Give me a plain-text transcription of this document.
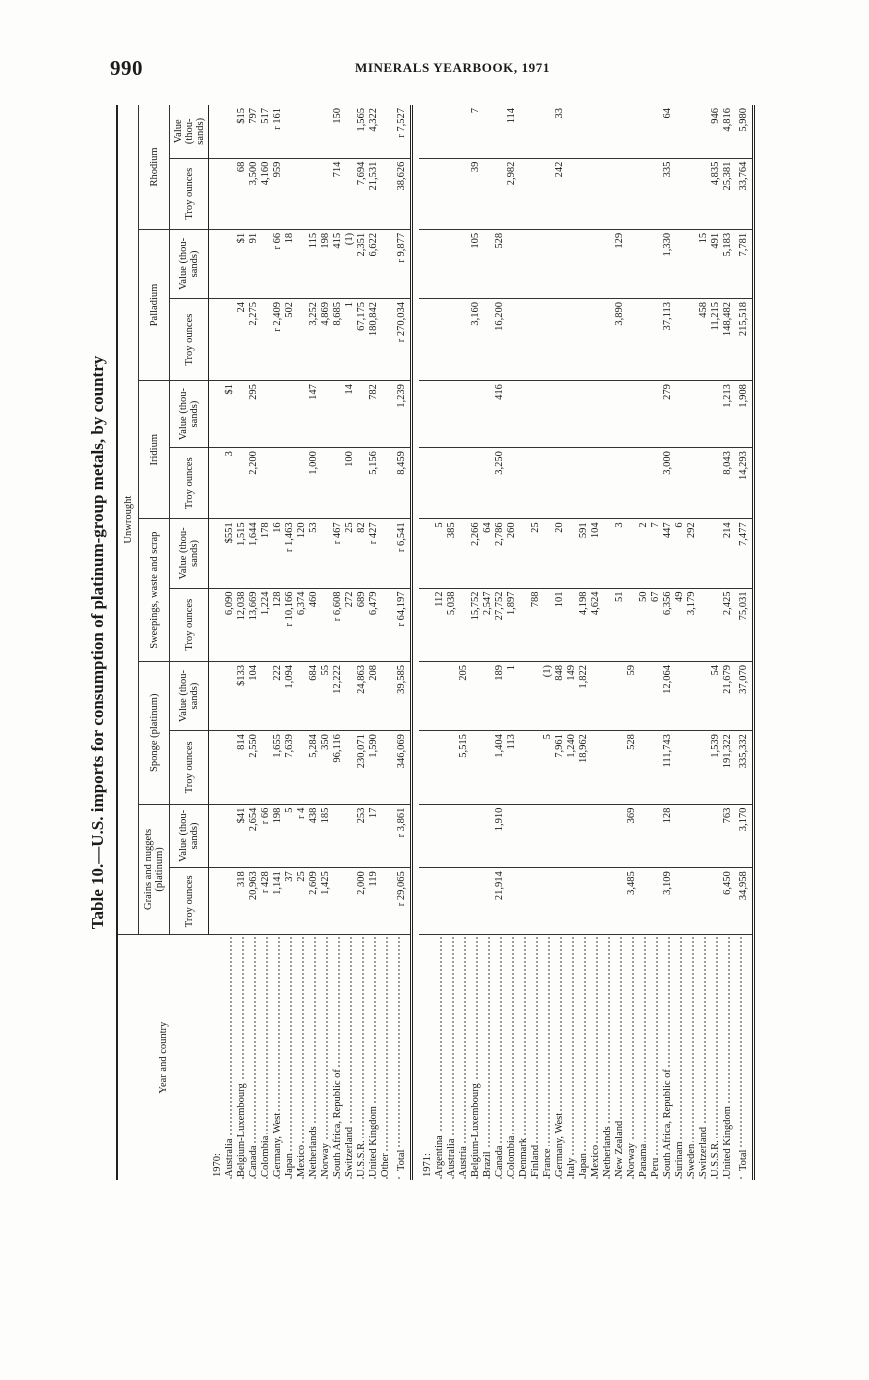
990	MINERALS YEARBOOK, 1971
Table 10.—U.S. imports for consumption of platinum-group metals, by country
Year and country	Unwrought											
	Grains and nuggets (platinum)		Sponge (platinum)		Sweepings, waste and scrap		Iridium		Palladium		Rhodium	
	Troy ounces	Value (thou- sands)	Troy ounces	Value (thou- sands)	Troy ounces	Value (thou- sands)	Troy ounces	Value (thou- sands)	Troy ounces	Value (thou- sands)	Troy ounces	Value (thou- sands)
1970:												
Australia					6,090	$551	3	$1				
Belgium-Luxembourg	318	$41	814	$133	12,038	1,515			24	$1	68	$15
Canada	20,963	2,654	2,550	104	13,669	1,644	2,200	295	2,275	91	3,500	797
Colombia	r 428	r 66			1,224	178					4,160	517
Germany, West	1,141	198	1,655	222	128	16			r 2,409	r 66	959	r 161
Japan	37	5	7,639	1,094	r 10,166	r 1,463			502	18		
Mexico	25	r 4			6,374	120						
Netherlands	2,609	438	5,284	684	460	53	1,000	147	3,252	115		
Norway	1,425	185	350	55					4,869	198		
South Africa, Republic of			96,116	12,222	r 6,608	r 467			8,685	415	714	150
Switzerland					272	25	100	14	1	(1)		
U.S.S.R.	2,000	253	230,071	24,863	689	82			67,175	2,351	7,694	1,565
United Kingdom	119	17	1,590	208	6,479	r 427	5,156	782	180,842	6,622	21,531	4,322
Other												
Total	r 29,065	r 3,861	346,069	39,585	r 64,197	r 6,541	8,459	1,239	r 270,034	r 9,877	38,626	r 7,527

1971:												
Argentina					112	5						
Australia					5,038	385						
Austria			5,515	205								
Belgium-Luxembourg					15,752	2,266			3,160	105	39	7
Brazil					2,547	64						
Canada	21,914	1,910	1,404	189	27,752	2,786	3,250	416	16,200	528		
Colombia			113	1	1,897	260					2,982	114
Denmark												
Finland					788	25						
France			5	(1)								
Germany, West			7,961	848	101	20					242	33
Italy			1,240	149								
Japan			18,962	1,822	4,198	591						
Mexico					4,624	104						
Netherlands												
New Zealand					51	3			3,890	129		
Norway	3,485	369	528	59								
Panama					50	2						
Peru					67	7						
South Africa, Republic of	3,109	128	111,743	12,064	6,356	447	3,000	279	37,113	1,330	335	64
Surinam					49	6						
Sweden					3,179	292						
Switzerland									458	15		
U.S.S.R.			1,539	54					11,215	491	4,835	946
United Kingdom	6,450	763	191,322	21,679	2,425	214	8,043	1,213	148,482	5,183	25,381	4,816
Total	34,958	3,170	335,332	37,070	75,031	7,477	14,293	1,908	215,518	7,781	33,764	5,980
